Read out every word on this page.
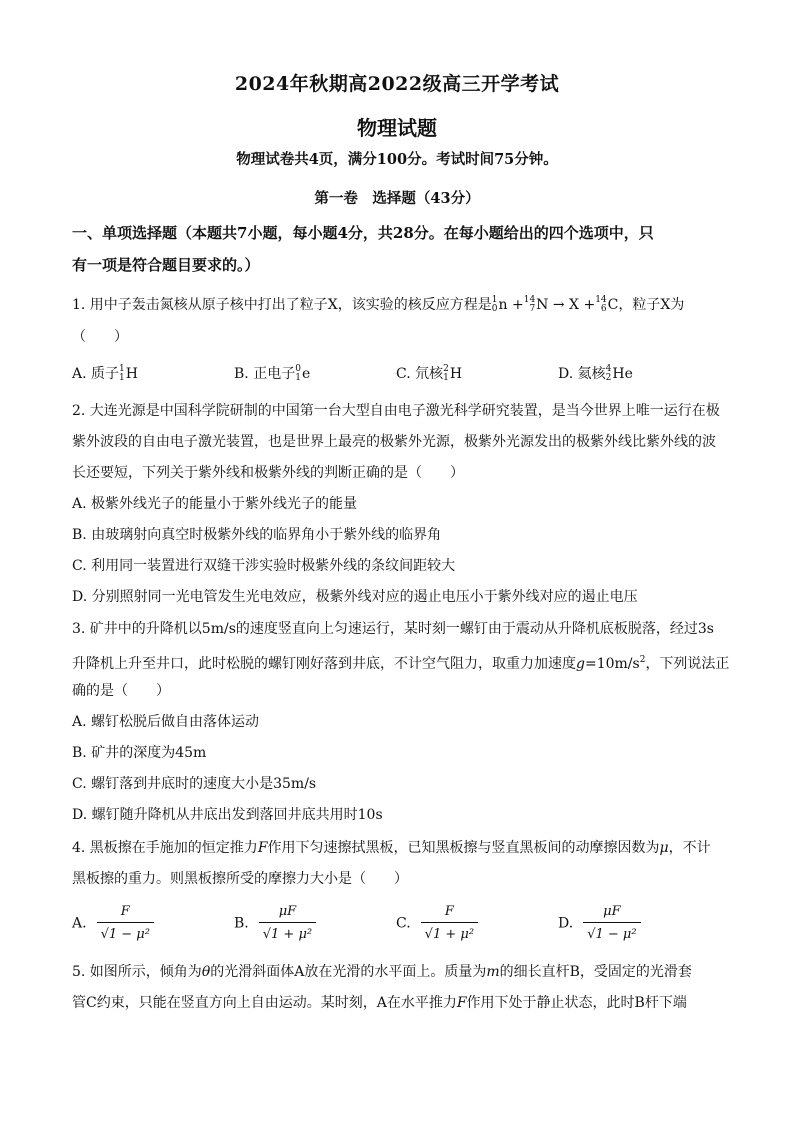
2024年秋期高2022级高三开学考试
物理试题
物理试卷共4页，满分100分。考试时间75分钟。
第一卷　选择题（43分）
一、单项选择题（本题共7小题，每小题4分，共28分。在每小题给出的四个选项中，只
有一项是符合题目要求的。）
1. 用中子轰击氮核从原子核中打出了粒子X，该实验的核反应方程是 1
0 n + 14
7 N → X + 14
6 C，粒子X为
（　　）
A. 质子 1
1 H	B. 正电子 0
1 e	C. 氘核 2
1 H	D. 氦核 4
2 He
2. 大连光源是中国科学院研制的中国第一台大型自由电子激光科学研究装置，是当今世界上唯一运行在极
紫外波段的自由电子激光装置，也是世界上最亮的极紫外光源，极紫外光源发出的极紫外线比紫外线的波
长还要短，下列关于紫外线和极紫外线的判断正确的是（　　）
A. 极紫外线光子的能量小于紫外线光子的能量
B. 由玻璃射向真空时极紫外线的临界角小于紫外线的临界角
C. 利用同一装置进行双缝干涉实验时极紫外线的条纹间距较大
D. 分别照射同一光电管发生光电效应，极紫外线对应的遏止电压小于紫外线对应的遏止电压
3. 矿井中的升降机以5m/s的速度竖直向上匀速运行，某时刻一螺钉由于震动从升降机底板脱落，经过3s
升降机上升至井口，此时松脱的螺钉刚好落到井底，不计空气阻力，取重力加速度$g=10m/s^2$，下列说法正
确的是（　　）
A. 螺钉松脱后做自由落体运动
B. 矿井的深度为45m
C. 螺钉落到井底时的速度大小是35m/s
D. 螺钉随升降机从井底出发到落回井底共用时10s
4. 黑板擦在手施加的恒定推力F作用下匀速擦拭黑板，已知黑板擦与竖直黑板间的动摩擦因数为μ，不计
黑板擦的重力。则黑板擦所受的摩擦力大小是（　　）
A. $\frac{F}{\text{√1 − μ²}}$	B. $\frac{\mu F}{\text{√1 + μ²}}$	C. $\frac{F}{\text{√1 + μ²}}$	D. $\frac{\mu F}{\text{√1 − μ²}}$
5. 如图所示，倾角为θ的光滑斜面体A放在光滑的水平面上。质量为m的细长直杆B，受固定的光滑套
管C约束，只能在竖直方向上自由运动。某时刻，A在水平推力F作用下处于静止状态，此时B杆下端
